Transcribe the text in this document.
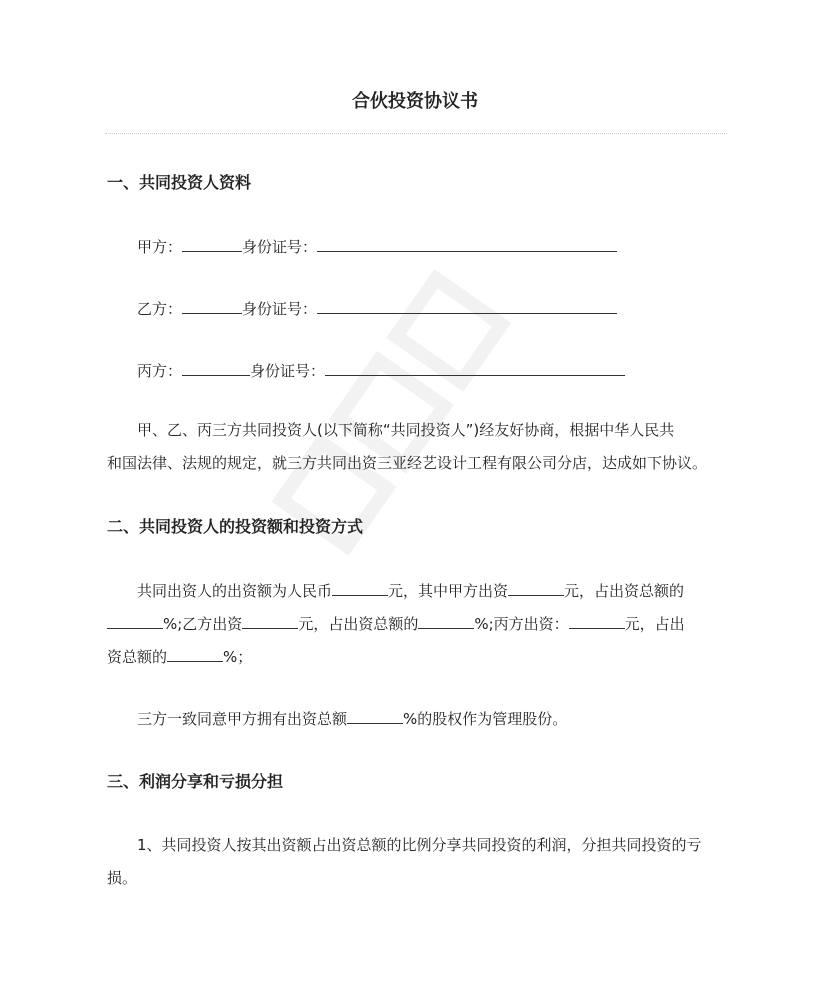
合伙投资协议书
一、共同投资人资料
甲方：	身份证号：
乙方：	身份证号：
丙方：	身份证号：
甲、乙、丙三方共同投资人(以下简称“共同投资人”)经友好协商，根据中华人民共
和国法律、法规的规定，就三方共同出资三亚经艺设计工程有限公司分店，达成如下协议。
二、共同投资人的投资额和投资方式
共同出资人的出资额为人民币	元，其中甲方出资	元，占出资总额的
%;乙方出资	元，占出资总额的	%;丙方出资：	元，占出
资总额的	%；
三方一致同意甲方拥有出资总额	%的股权作为管理股份。
三、利润分享和亏损分担
1、共同投资人按其出资额占出资总额的比例分享共同投资的利润，分担共同投资的亏
损。
